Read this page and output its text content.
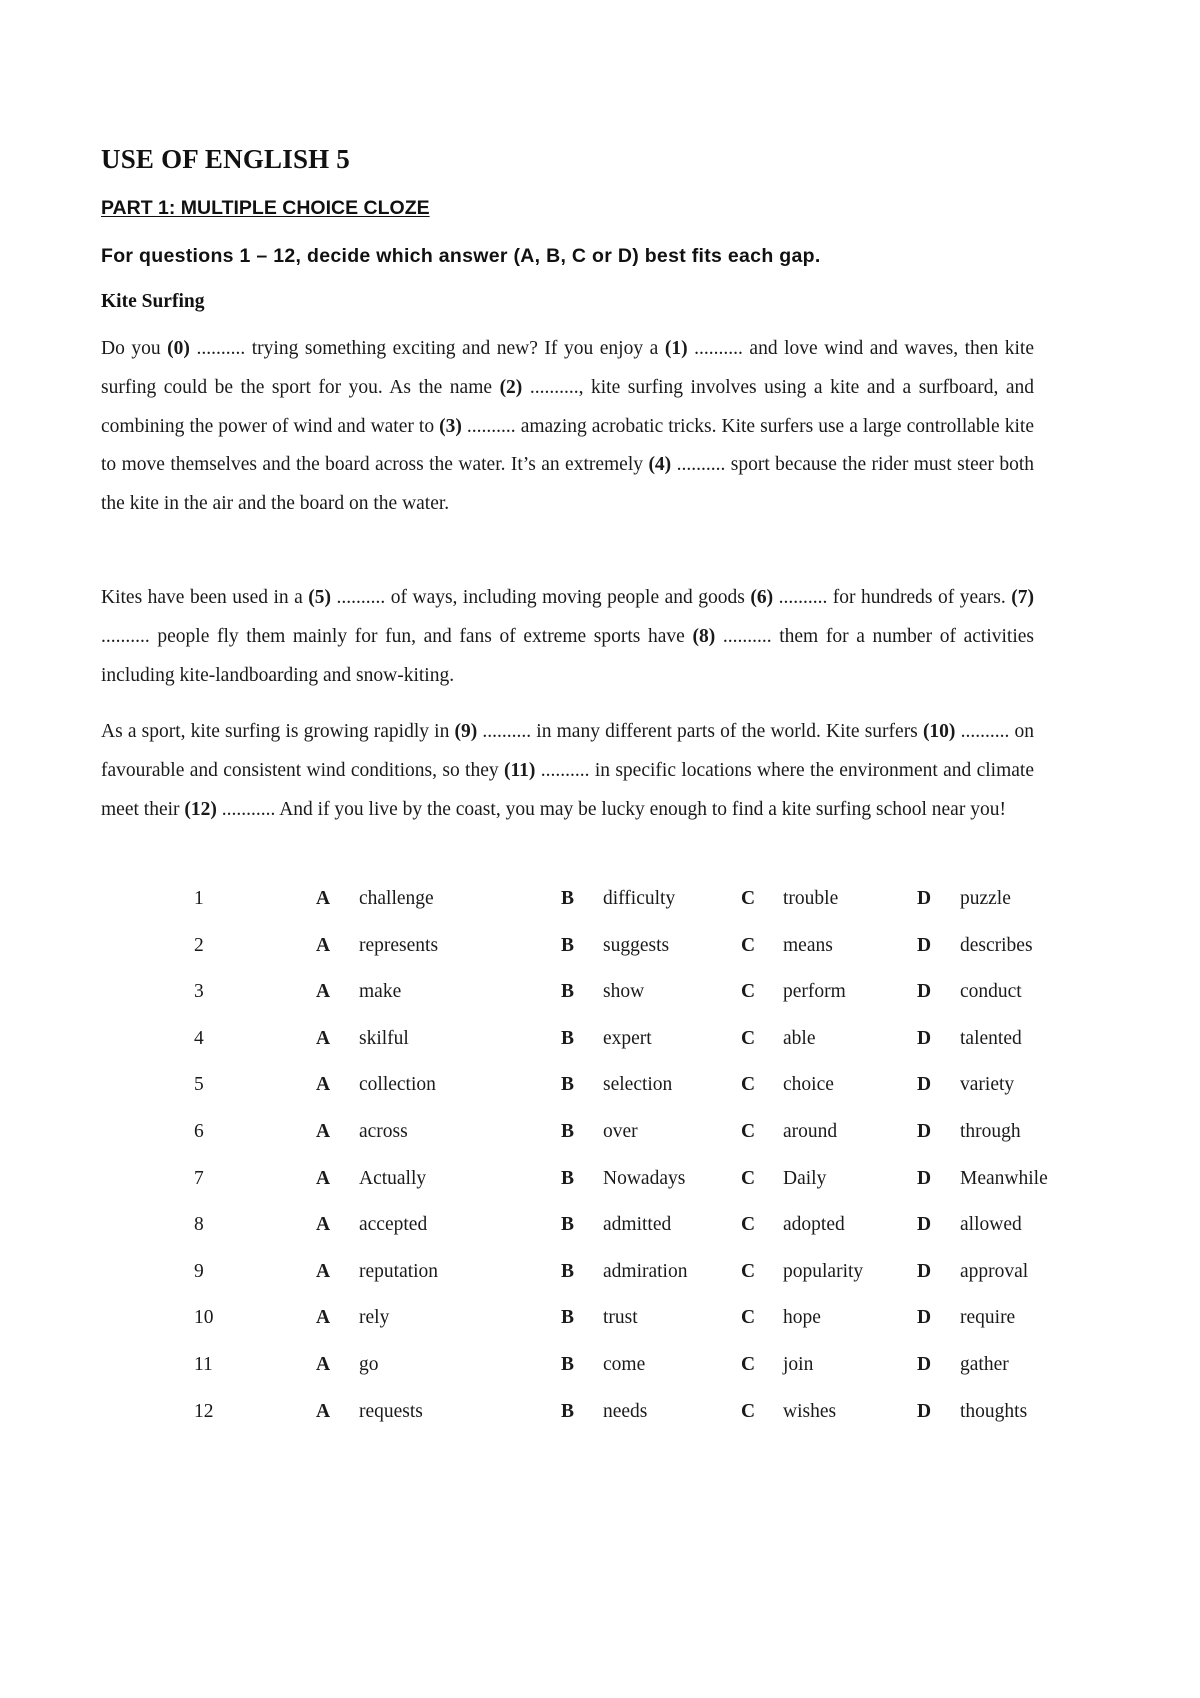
USE OF ENGLISH 5
PART 1: MULTIPLE CHOICE CLOZE

For questions 1 – 12, decide which answer (A, B, C or D) best fits each gap.

Kite Surfing

Do you (0) .......... trying something exciting and new? If you enjoy a (1) .......... and love wind and waves, then kite surfing could be the sport for you. As the name (2) .........., kite surfing involves using a kite and a surfboard, and combining the power of wind and water to (3) .......... amazing acrobatic tricks. Kite surfers use a large controllable kite to move themselves and the board across the water. It’s an extremely (4) .......... sport because the rider must steer both the kite in the air and the board on the water.

Kites have been used in a (5) .......... of ways, including moving people and goods (6) .......... for hundreds of years. (7) .......... people fly them mainly for fun, and fans of extreme sports have (8) .......... them for a number of activities including kite-landboarding and snow-kiting.

As a sport, kite surfing is growing rapidly in (9) .......... in many different parts of the world. Kite surfers (10) .......... on favourable and consistent wind conditions, so they (11) .......... in specific locations where the environment and climate meet their (12) ........... And if you live by the coast, you may be lucky enough to find a kite surfing school near you!

1	A challenge	B difficulty	C trouble	D puzzle
2	A represents	B suggests	C means	D describes
3	A make	B show	C perform	D conduct
4	A skilful	B expert	C able	D talented
5	A collection	B selection	C choice	D variety
6	A across	B over	C around	D through
7	A Actually	B Nowadays	C Daily	D Meanwhile
8	A accepted	B admitted	C adopted	D allowed
9	A reputation	B admiration	C popularity	D approval
10	A rely	B trust	C hope	D require
11	A go	B come	C join	D gather
12	A requests	B needs	C wishes	D thoughts
